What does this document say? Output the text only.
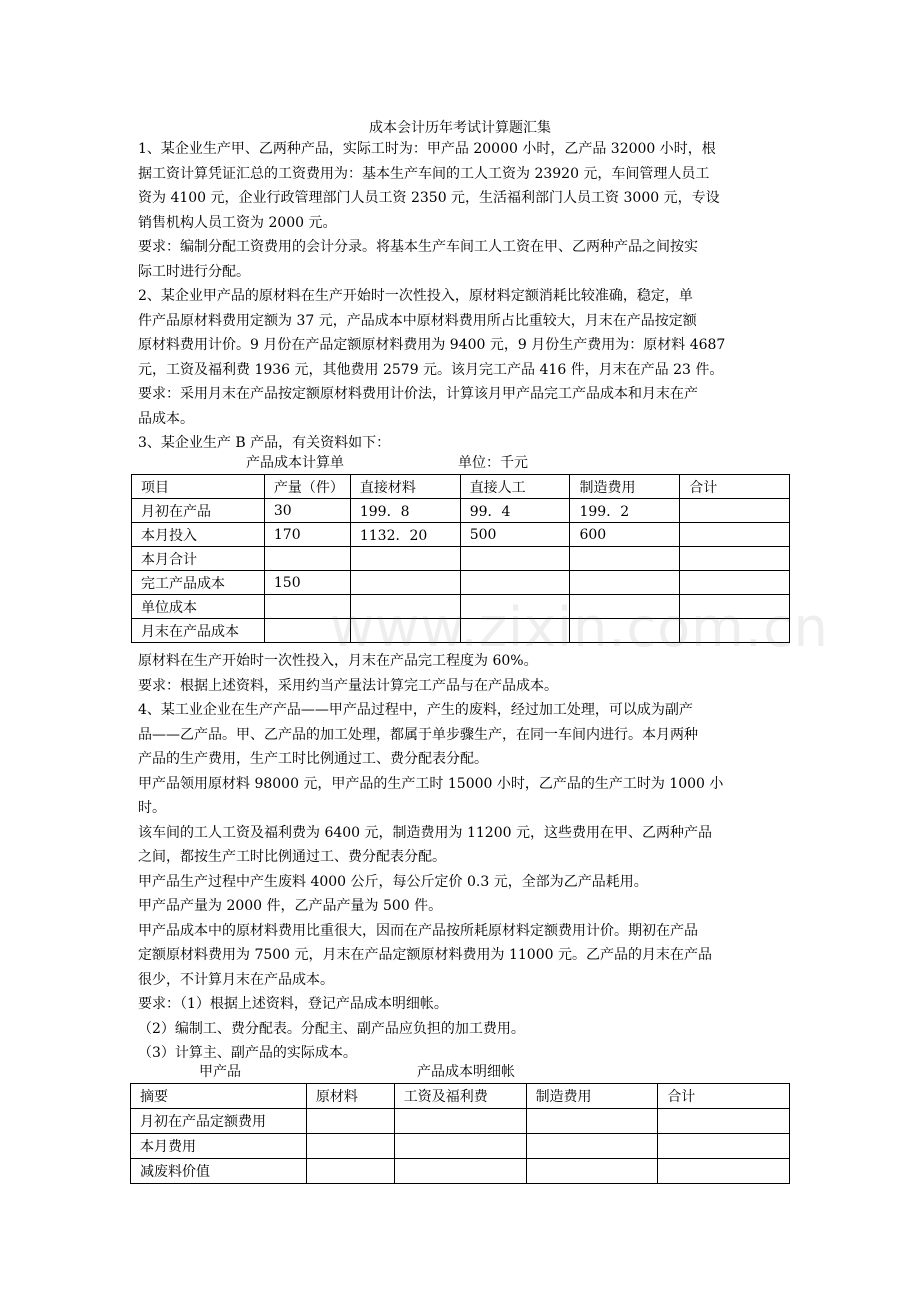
成本会计历年考试计算题汇集

1、某企业生产甲、乙两种产品，实际工时为：甲产品 20000 小时，乙产品 32000 小时，根

据工资计算凭证汇总的工资费用为：基本生产车间的工人工资为 23920 元，车间管理人员工

资为 4100 元，企业行政管理部门人员工资 2350 元，生活福利部门人员工资 3000 元，专设

销售机构人员工资为 2000 元。

要求：编制分配工资费用的会计分录。将基本生产车间工人工资在甲、乙两种产品之间按实

际工时进行分配。

2、某企业甲产品的原材料在生产开始时一次性投入，原材料定额消耗比较准确，稳定，单

件产品原材料费用定额为 37 元，产品成本中原材料费用所占比重较大，月末在产品按定额

原材料费用计价。9 月份在产品定额原材料费用为 9400 元，9 月份生产费用为：原材料 4687

元，工资及福利费 1936 元，其他费用 2579 元。该月完工产品 416 件，月末在产品 23 件。

要求：采用月末在产品按定额原材料费用计价法，计算该月甲产品完工产品成本和月末在产

品成本。

3、某企业生产 B 产品，有关资料如下：

产品成本计算单	单位：千元
项目	产量（件）	直接材料	直接人工	制造费用	合计
月初在产品	30	199．8	99．4	199．2	
本月投入	170	1132．20	500	600	
本月合计					
完工产品成本	150				
单位成本					
月末在产品成本					www.zixin.com.cn

原材料在生产开始时一次性投入，月末在产品完工程度为 60%。

要求：根据上述资料，采用约当产量法计算完工产品与在产品成本。

4、某工业企业在生产产品——甲产品过程中，产生的废料，经过加工处理，可以成为副产

品——乙产品。甲、乙产品的加工处理，都属于单步骤生产，在同一车间内进行。本月两种

产品的生产费用，生产工时比例通过工、费分配表分配。

甲产品领用原材料 98000 元，甲产品的生产工时 15000 小时，乙产品的生产工时为 1000 小

时。

该车间的工人工资及福利费为 6400 元，制造费用为 11200 元，这些费用在甲、乙两种产品

之间，都按生产工时比例通过工、费分配表分配。

甲产品生产过程中产生废料 4000 公斤，每公斤定价 0.3 元，全部为乙产品耗用。

甲产品产量为 2000 件，乙产品产量为 500 件。

甲产品成本中的原材料费用比重很大，因而在产品按所耗原材料定额费用计价。期初在产品

定额原材料费用为 7500 元，月末在产品定额原材料费用为 11000 元。乙产品的月末在产品

很少，不计算月末在产品成本。

要求：（1）根据上述资料，登记产品成本明细帐。

（2）编制工、费分配表。分配主、副产品应负担的加工费用。

（3）计算主、副产品的实际成本。

甲产品	产品成本明细帐
摘要	原材料	工资及福利费	制造费用	合计
月初在产品定额费用				
本月费用				
减废料价值				
